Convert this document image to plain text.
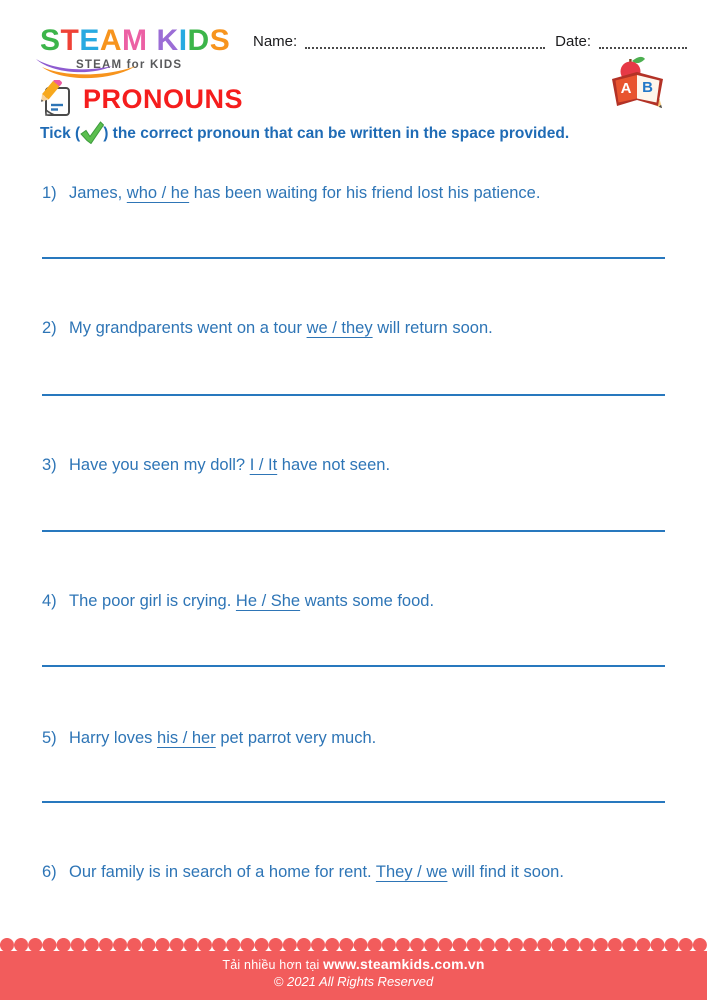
STEAM KIDS
STEAM for KIDS
Name:	Date:
PRONOUNS	A B
Tick ( ) the correct pronoun that can be written in the space provided.
1) James, who / he has been waiting for his friend lost his patience.
2) My grandparents went on a tour we / they will return soon.
3) Have you seen my doll? I / It have not seen.
4) The poor girl is crying. He / She wants some food.
5) Harry loves his / her pet parrot very much.
6) Our family is in search of a home for rent. They / we will find it soon.
Tải nhiều hơn tại www.steamkids.com.vn
© 2021 All Rights Reserved
